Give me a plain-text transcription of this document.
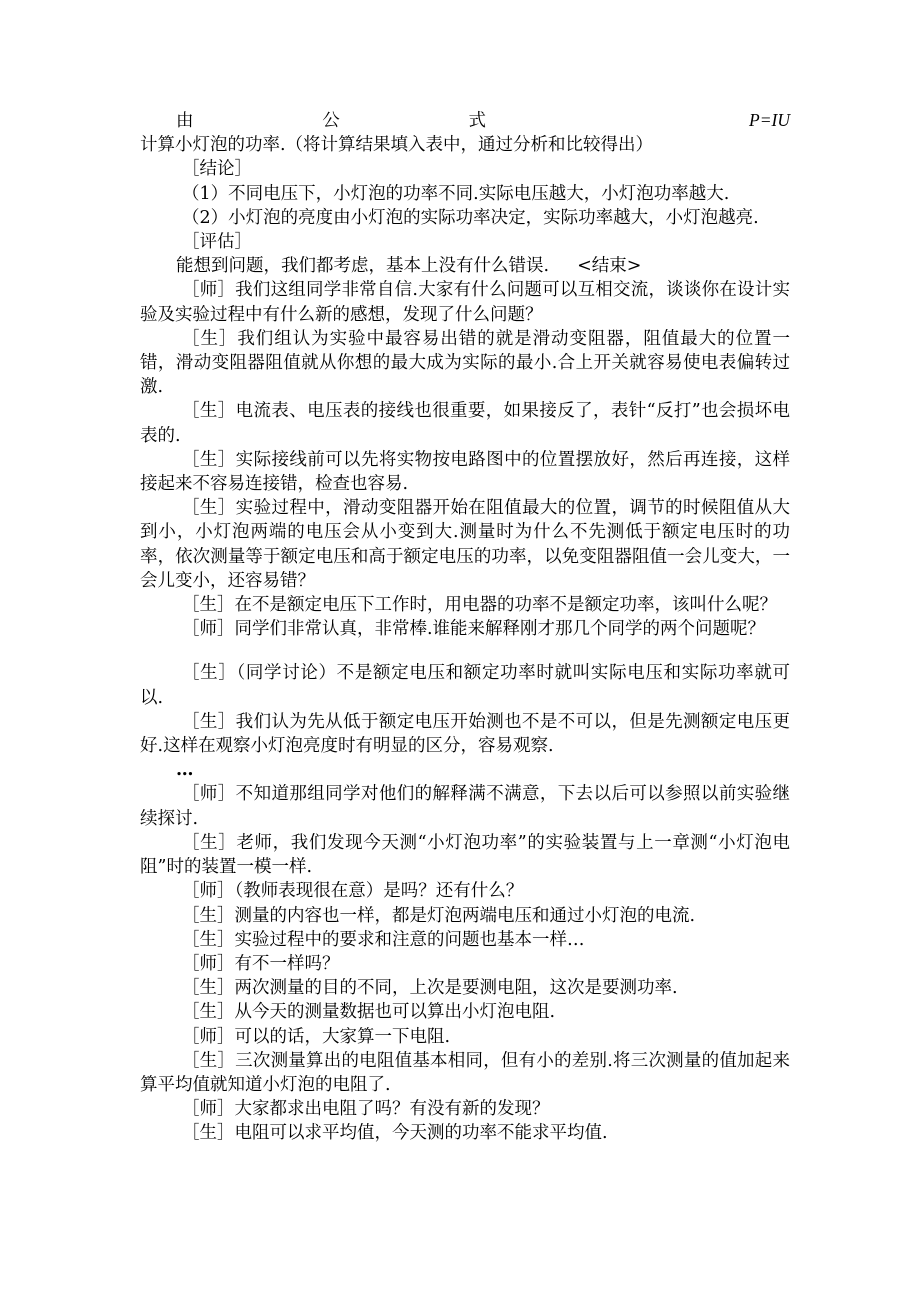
由公式 P=IU 计算小灯泡的功率.（将计算结果填入表中，通过分析和比较得出）

［结论］

（1）不同电压下，小灯泡的功率不同.实际电压越大，小灯泡功率越大.

（2）小灯泡的亮度由小灯泡的实际功率决定，实际功率越大，小灯泡越亮.

［评估］

能想到问题，我们都考虑，基本上没有什么错误. <结束>

［师］我们这组同学非常自信.大家有什么问题可以互相交流，谈谈你在设计实验及实验过程中有什么新的感想，发现了什么问题？

［生］我们组认为实验中最容易出错的就是滑动变阻器，阻值最大的位置一错，滑动变阻器阻值就从你想的最大成为实际的最小.合上开关就容易使电表偏转过激.

［生］电流表、电压表的接线也很重要，如果接反了，表针“反打”也会损坏电表的.

［生］实际接线前可以先将实物按电路图中的位置摆放好，然后再连接，这样接起来不容易连接错，检查也容易.

［生］实验过程中，滑动变阻器开始在阻值最大的位置，调节的时候阻值从大到小，小灯泡两端的电压会从小变到大.测量时为什么不先测低于额定电压时的功率，依次测量等于额定电压和高于额定电压的功率，以免变阻器阻值一会儿变大，一会儿变小，还容易错？

［生］在不是额定电压下工作时，用电器的功率不是额定功率，该叫什么呢？

［师］同学们非常认真，非常棒.谁能来解释刚才那几个同学的两个问题呢？

［生］（同学讨论）不是额定电压和额定功率时就叫实际电压和实际功率就可以.

［生］我们认为先从低于额定电压开始测也不是不可以，但是先测额定电压更好.这样在观察小灯泡亮度时有明显的区分，容易观察.

…

［师］不知道那组同学对他们的解释满不满意，下去以后可以参照以前实验继续探讨.

［生］老师，我们发现今天测“小灯泡功率”的实验装置与上一章测“小灯泡电阻”时的装置一模一样.

［师］（教师表现很在意）是吗？还有什么？

［生］测量的内容也一样，都是灯泡两端电压和通过小灯泡的电流.

［生］实验过程中的要求和注意的问题也基本一样…

［师］有不一样吗？

［生］两次测量的目的不同，上次是要测电阻，这次是要测功率.

［生］从今天的测量数据也可以算出小灯泡电阻.

［师］可以的话，大家算一下电阻.

［生］三次测量算出的电阻值基本相同，但有小的差别.将三次测量的值加起来算平均值就知道小灯泡的电阻了.

［师］大家都求出电阻了吗？有没有新的发现？

［生］电阻可以求平均值，今天测的功率不能求平均值.
